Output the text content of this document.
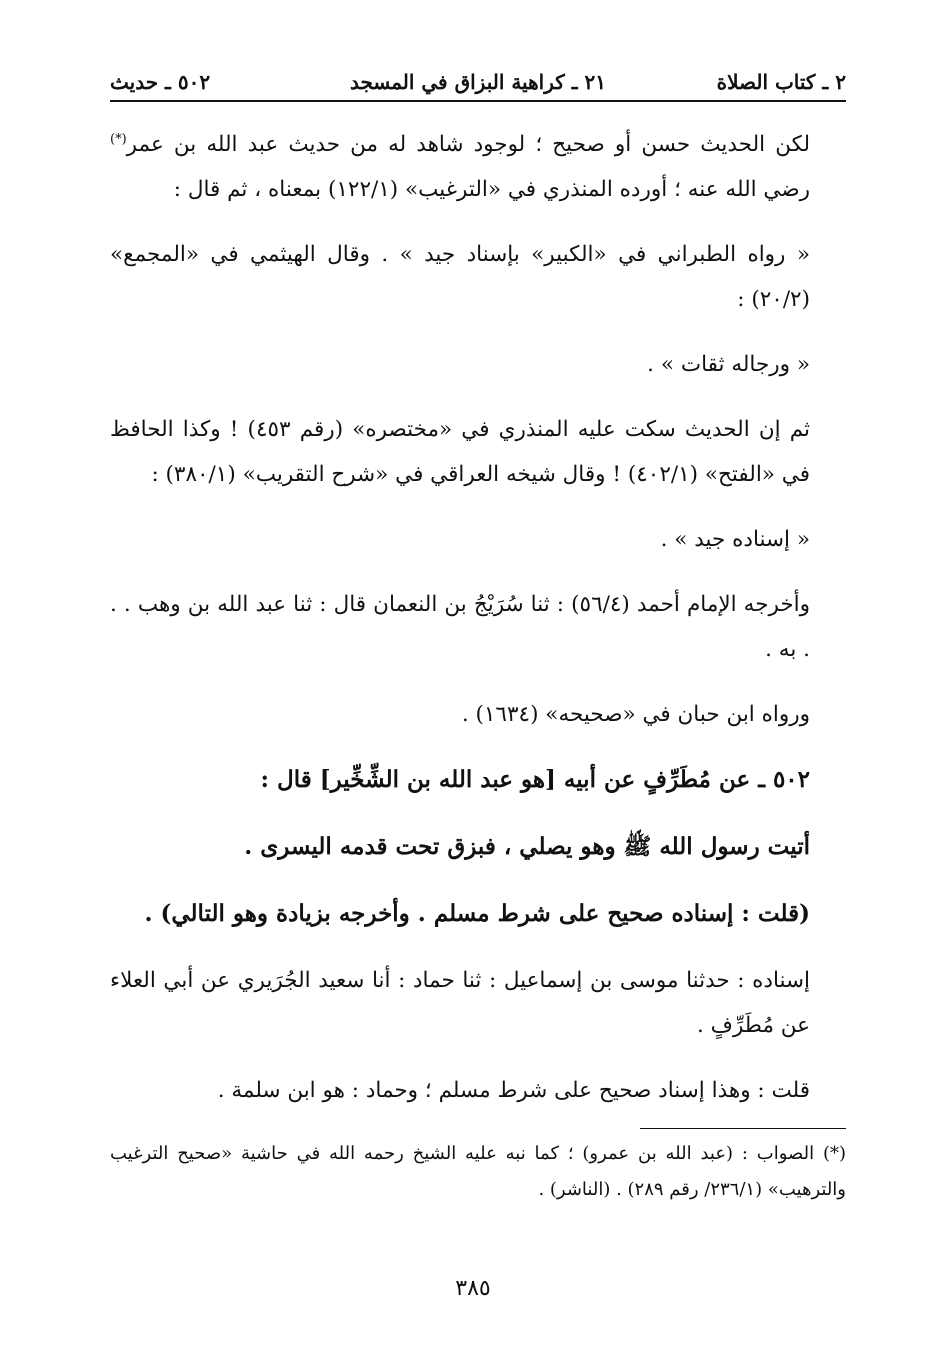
٢ ـ كتاب الصلاة
٢١ ـ كراهية البزاق في المسجد
٥٠٢ ـ حديث

لكن الحديث حسن أو صحيح ؛ لوجود شاهد له من حديث عبد الله بن عمر(*) رضي الله عنه ؛ أورده المنذري في «الترغيب» (١٢٢/١) بمعناه ، ثم قال :

« رواه الطبراني في «الكبير» بإسناد جيد » . وقال الهيثمي في «المجمع» (٢٠/٢) :

« ورجاله ثقات » .

ثم إن الحديث سكت عليه المنذري في «مختصره» (رقم ٤٥٣) ! وكذا الحافظ في «الفتح» (٤٠٢/١) ! وقال شيخه العراقي في «شرح التقريب» (٣٨٠/١) :

« إسناده جيد » .

وأخرجه الإمام أحمد (٥٦/٤) : ثنا سُرَيْجُ بن النعمان قال : ثنا عبد الله بن وهب . . . به .

ورواه ابن حبان في «صحيحه» (١٦٣٤) .

٥٠٢ ـ عن مُطَرِّفٍ عن أبيه [هو عبد الله بن الشِّخِّير] قال :

أتيت رسول الله ﷺ وهو يصلي ، فبزق تحت قدمه اليسرى .

(قلت : إسناده صحيح على شرط مسلم . وأخرجه بزيادة وهو التالي) .

إسناده : حدثنا موسى بن إسماعيل : ثنا حماد : أنا سعيد الجُرَيري عن أبي العلاء عن مُطَرِّفٍ .

قلت : وهذا إسناد صحيح على شرط مسلم ؛ وحماد : هو ابن سلمة .

(*) الصواب : (عبد الله بن عمرو) ؛ كما نبه عليه الشيخ رحمه الله في حاشية «صحيح الترغيب والترهيب» (٢٣٦/١/ رقم ٢٨٩) . (الناشر) .
٣٨٥
